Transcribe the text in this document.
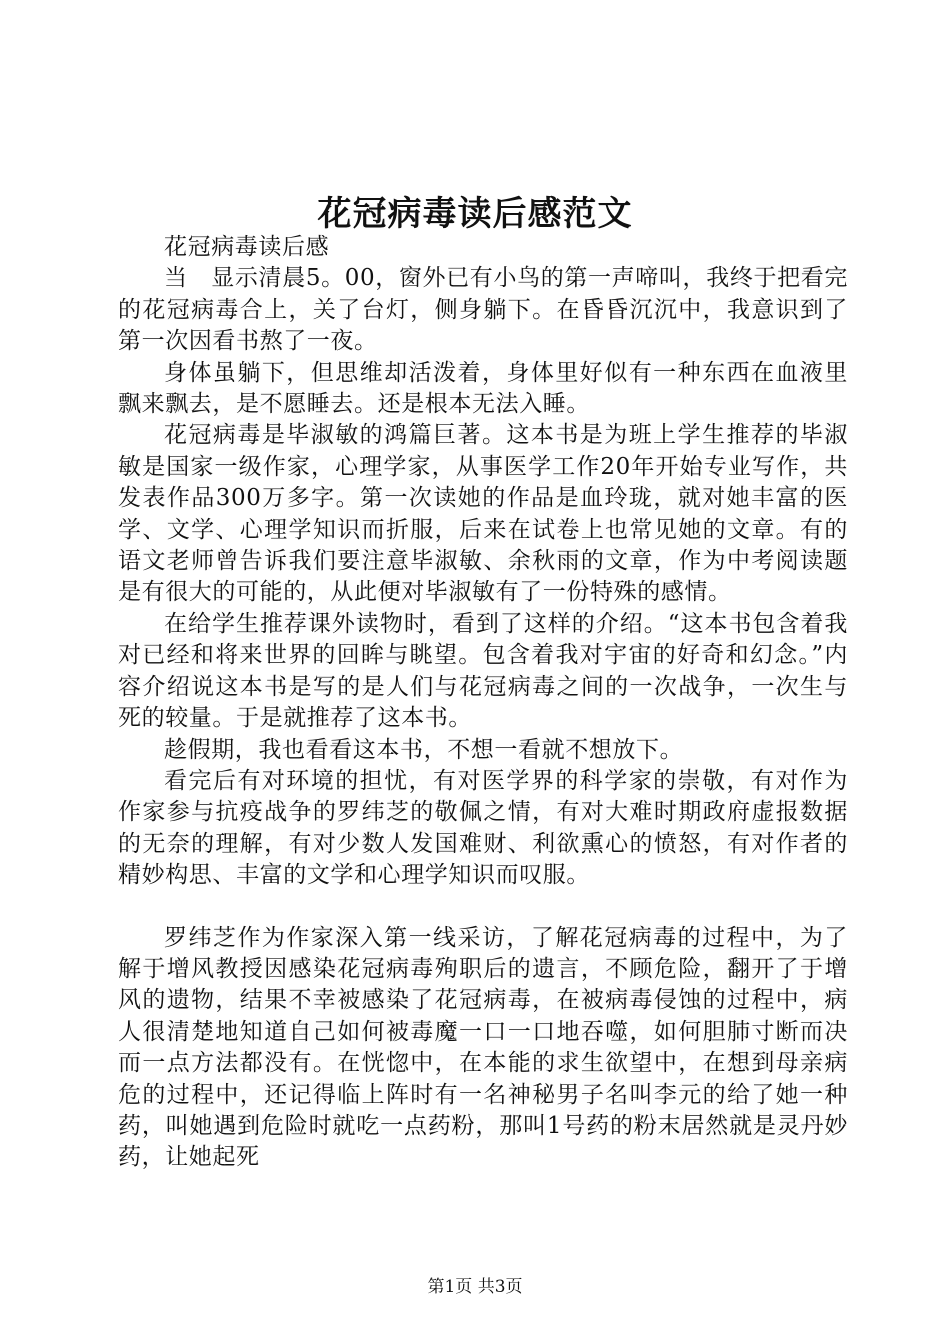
花冠病毒读后感范文

花冠病毒读后感

当　显示清晨5。00，窗外已有小鸟的第一声啼叫，我终于把看完的花冠病毒合上，关了台灯，侧身躺下。在昏昏沉沉中，我意识到了第一次因看书熬了一夜。

身体虽躺下，但思维却活泼着，身体里好似有一种东西在血液里飘来飘去，是不愿睡去。还是根本无法入睡。

花冠病毒是毕淑敏的鸿篇巨著。这本书是为班上学生推荐的毕淑敏是国家一级作家，心理学家，从事医学工作20年开始专业写作，共发表作品300万多字。第一次读她的作品是血玲珑，就对她丰富的医学、文学、心理学知识而折服，后来在试卷上也常见她的文章。有的语文老师曾告诉我们要注意毕淑敏、余秋雨的文章，作为中考阅读题是有很大的可能的，从此便对毕淑敏有了一份特殊的感情。

在给学生推荐课外读物时，看到了这样的介绍。“这本书包含着我对已经和将来世界的回眸与眺望。包含着我对宇宙的好奇和幻念。”内容介绍说这本书是写的是人们与花冠病毒之间的一次战争，一次生与死的较量。于是就推荐了这本书。

趁假期，我也看看这本书，不想一看就不想放下。

看完后有对环境的担忧，有对医学界的科学家的崇敬，有对作为作家参与抗疫战争的罗纬芝的敬佩之情，有对大难时期政府虚报数据的无奈的理解，有对少数人发国难财、利欲熏心的愤怒，有对作者的精妙构思、丰富的文学和心理学知识而叹服。

罗纬芝作为作家深入第一线采访，了解花冠病毒的过程中，为了解于增风教授因感染花冠病毒殉职后的遗言，不顾危险，翻开了于增风的遗物，结果不幸被感染了花冠病毒，在被病毒侵蚀的过程中，病人很清楚地知道自己如何被毒魔一口一口地吞噬，如何胆肺寸断而决而一点方法都没有。在恍惚中，在本能的求生欲望中，在想到母亲病危的过程中，还记得临上阵时有一名神秘男子名叫李元的给了她一种药，叫她遇到危险时就吃一点药粉，那叫1号药的粉末居然就是灵丹妙药，让她起死

第1页 共3页
